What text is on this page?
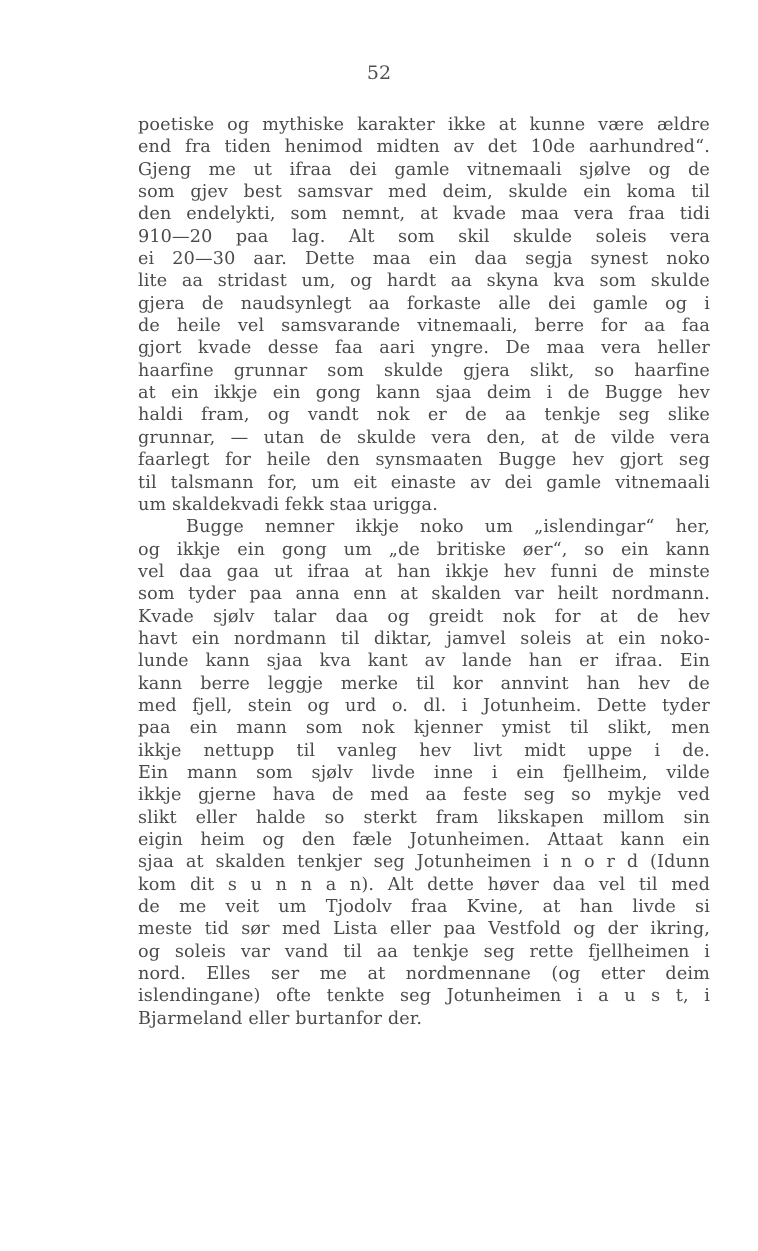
52
poetiske og mythiske karakter ikke at kunne være ældre
end fra tiden henimod midten av det 10de aarhundred“.
Gjeng me ut ifraa dei gamle vitnemaali sjølve og de
som gjev best samsvar med deim, skulde ein koma til
den endelykti, som nemnt, at kvade maa vera fraa tidi
910—20 paa lag. Alt som skil skulde soleis vera
ei 20—30 aar. Dette maa ein daa segja synest noko
lite aa stridast um, og hardt aa skyna kva som skulde
gjera de naudsynlegt aa forkaste alle dei gamle og i
de heile vel samsvarande vitnemaali, berre for aa faa
gjort kvade desse faa aari yngre. De maa vera heller
haarfine grunnar som skulde gjera slikt, so haarfine
at ein ikkje ein gong kann sjaa deim i de Bugge hev
haldi fram, og vandt nok er de aa tenkje seg slike
grunnar, — utan de skulde vera den, at de vilde vera
faarlegt for heile den synsmaaten Bugge hev gjort seg
til talsmann for, um eit einaste av dei gamle vitnemaali
um skaldekvadi fekk staa urigga.
Bugge nemner ikkje noko um „islendingar“ her,
og ikkje ein gong um „de britiske øer“, so ein kann
vel daa gaa ut ifraa at han ikkje hev funni de minste
som tyder paa anna enn at skalden var heilt nordmann.
Kvade sjølv talar daa og greidt nok for at de hev
havt ein nordmann til diktar, jamvel soleis at ein noko-
lunde kann sjaa kva kant av lande han er ifraa. Ein
kann berre leggje merke til kor annvint han hev de
med fjell, stein og urd o. dl. i Jotunheim. Dette tyder
paa ein mann som nok kjenner ymist til slikt, men
ikkje nettupp til vanleg hev livt midt uppe i de.
Ein mann som sjølv livde inne i ein fjellheim, vilde
ikkje gjerne hava de med aa feste seg so mykje ved
slikt eller halde so sterkt fram likskapen millom sin
eigin heim og den fæle Jotunheimen. Attaat kann ein
sjaa at skalden tenkjer seg Jotunheimen i n o r d (Idunn
kom dit s u n n a n). Alt dette høver daa vel til med
de me veit um Tjodolv fraa Kvine, at han livde si
meste tid sør med Lista eller paa Vestfold og der ikring,
og soleis var vand til aa tenkje seg rette fjellheimen i
nord. Elles ser me at nordmennane (og etter deim
islendingane) ofte tenkte seg Jotunheimen i a u s t, i
Bjarmeland eller burtanfor der.
